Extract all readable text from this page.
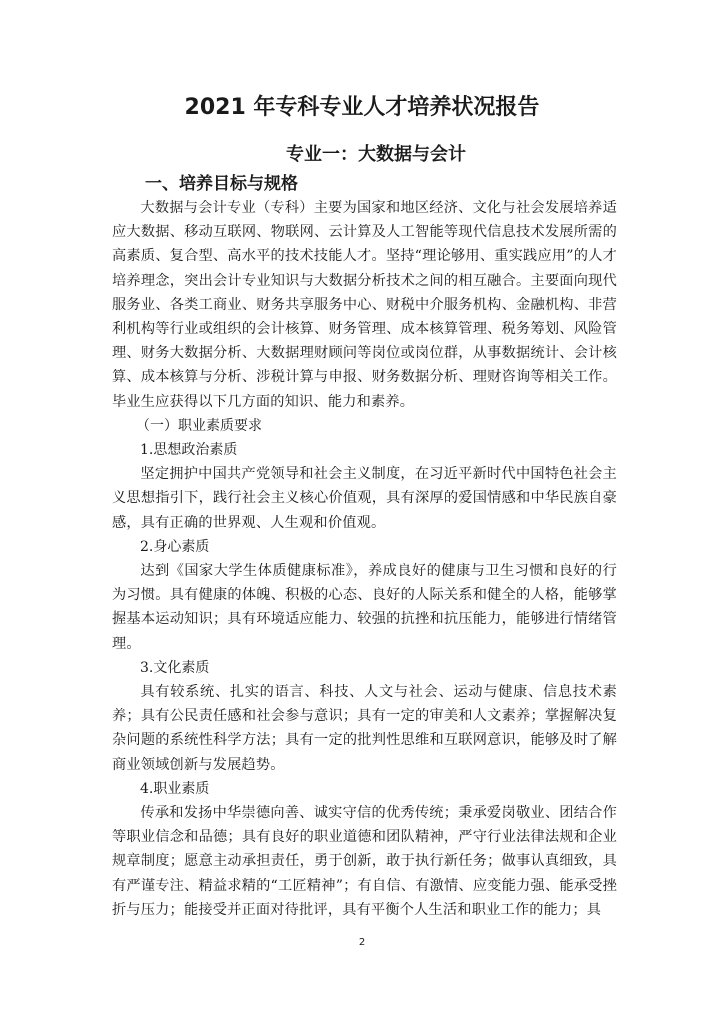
2021 年专科专业人才培养状况报告
专业一：大数据与会计
一、培养目标与规格

大数据与会计专业（专科）主要为国家和地区经济、文化与社会发展培养适应大数据、移动互联网、物联网、云计算及人工智能等现代信息技术发展所需的高素质、复合型、高水平的技术技能人才。坚持“理论够用、重实践应用”的人才培养理念，突出会计专业知识与大数据分析技术之间的相互融合。主要面向现代服务业、各类工商业、财务共享服务中心、财税中介服务机构、金融机构、非营利机构等行业或组织的会计核算、财务管理、成本核算管理、税务筹划、风险管理、财务大数据分析、大数据理财顾问等岗位或岗位群，从事数据统计、会计核算、成本核算与分析、涉税计算与申报、财务数据分析、理财咨询等相关工作。毕业生应获得以下几方面的知识、能力和素养。

（一）职业素质要求

1.思想政治素质

坚定拥护中国共产党领导和社会主义制度，在习近平新时代中国特色社会主义思想指引下，践行社会主义核心价值观，具有深厚的爱国情感和中华民族自豪感，具有正确的世界观、人生观和价值观。

2.身心素质

达到《国家大学生体质健康标准》，养成良好的健康与卫生习惯和良好的行为习惯。具有健康的体魄、积极的心态、良好的人际关系和健全的人格，能够掌握基本运动知识；具有环境适应能力、较强的抗挫和抗压能力，能够进行情绪管理。

3.文化素质

具有较系统、扎实的语言、科技、人文与社会、运动与健康、信息技术素养；具有公民责任感和社会参与意识；具有一定的审美和人文素养；掌握解决复杂问题的系统性科学方法；具有一定的批判性思维和互联网意识，能够及时了解商业领域创新与发展趋势。

4.职业素质

传承和发扬中华崇德向善、诚实守信的优秀传统；秉承爱岗敬业、团结合作等职业信念和品德；具有良好的职业道德和团队精神，严守行业法律法规和企业规章制度；愿意主动承担责任，勇于创新，敢于执行新任务；做事认真细致，具有严谨专注、精益求精的“工匠精神”；有自信、有激情、应变能力强、能承受挫折与压力；能接受并正面对待批评，具有平衡个人生活和职业工作的能力；具

2
